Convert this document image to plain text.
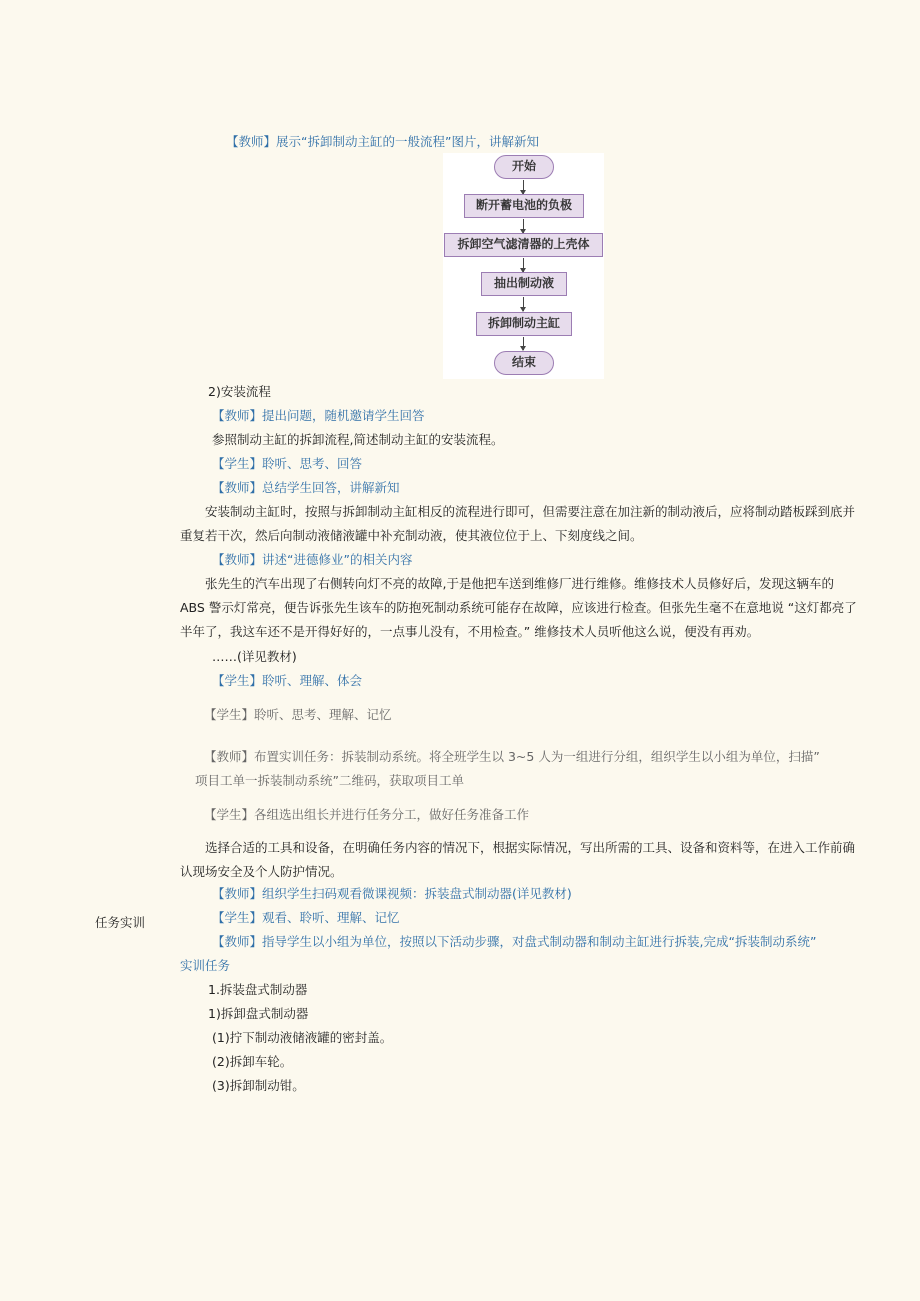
【教师】展示“拆卸制动主缸的一般流程”图片，讲解新知
开始
断开蓄电池的负极
拆卸空气滤清器的上壳体
抽出制动液
拆卸制动主缸
结束
2)安装流程
【教师】提出问题，随机邀请学生回答
参照制动主缸的拆卸流程,简述制动主缸的安装流程。
【学生】聆听、思考、回答
【教师】总结学生回答，讲解新知
安装制动主缸时，按照与拆卸制动主缸相反的流程进行即可，但需要注意在加注新的制动液后，应将制动踏板踩到底并重复若干次，然后向制动液储液罐中补充制动液，使其液位位于上、下刻度线之间。
【教师】讲述“进德修业”的相关内容
张先生的汽车出现了右侧转向灯不亮的故障,于是他把车送到维修厂进行维修。维修技术人员修好后，发现这辆车的 ABS 警示灯常亮，便告诉张先生该车的防抱死制动系统可能存在故障，应该进行检查。但张先生毫不在意地说 “这灯都亮了半年了，我这车还不是开得好好的，一点事儿没有，不用检查。” 维修技术人员听他这么说，便没有再劝。
……(详见教材)
【学生】聆听、理解、体会
【学生】聆听、思考、理解、记忆
【教师】布置实训任务：拆装制动系统。将全班学生以 3~5 人为一组进行分组，组织学生以小组为单位，扫描”
项目工单一拆装制动系统”二维码，获取项目工单
【学生】各组选出组长并进行任务分工，做好任务准备工作
选择合适的工具和设备，在明确任务内容的情况下，根据实际情况，写出所需的工具、设备和资料等，在进入工作前确认现场安全及个人防护情况。
【教师】组织学生扫码观看微课视频：拆装盘式制动器(详见教材)
任务实训	【学生】观看、聆听、理解、记忆
【教师】指导学生以小组为单位，按照以下活动步骤，对盘式制动器和制动主缸进行拆装,完成“拆装制动系统”
实训任务
1.拆装盘式制动器
1)拆卸盘式制动器
(1)拧下制动液储液罐的密封盖。
(2)拆卸车轮。
(3)拆卸制动钳。
